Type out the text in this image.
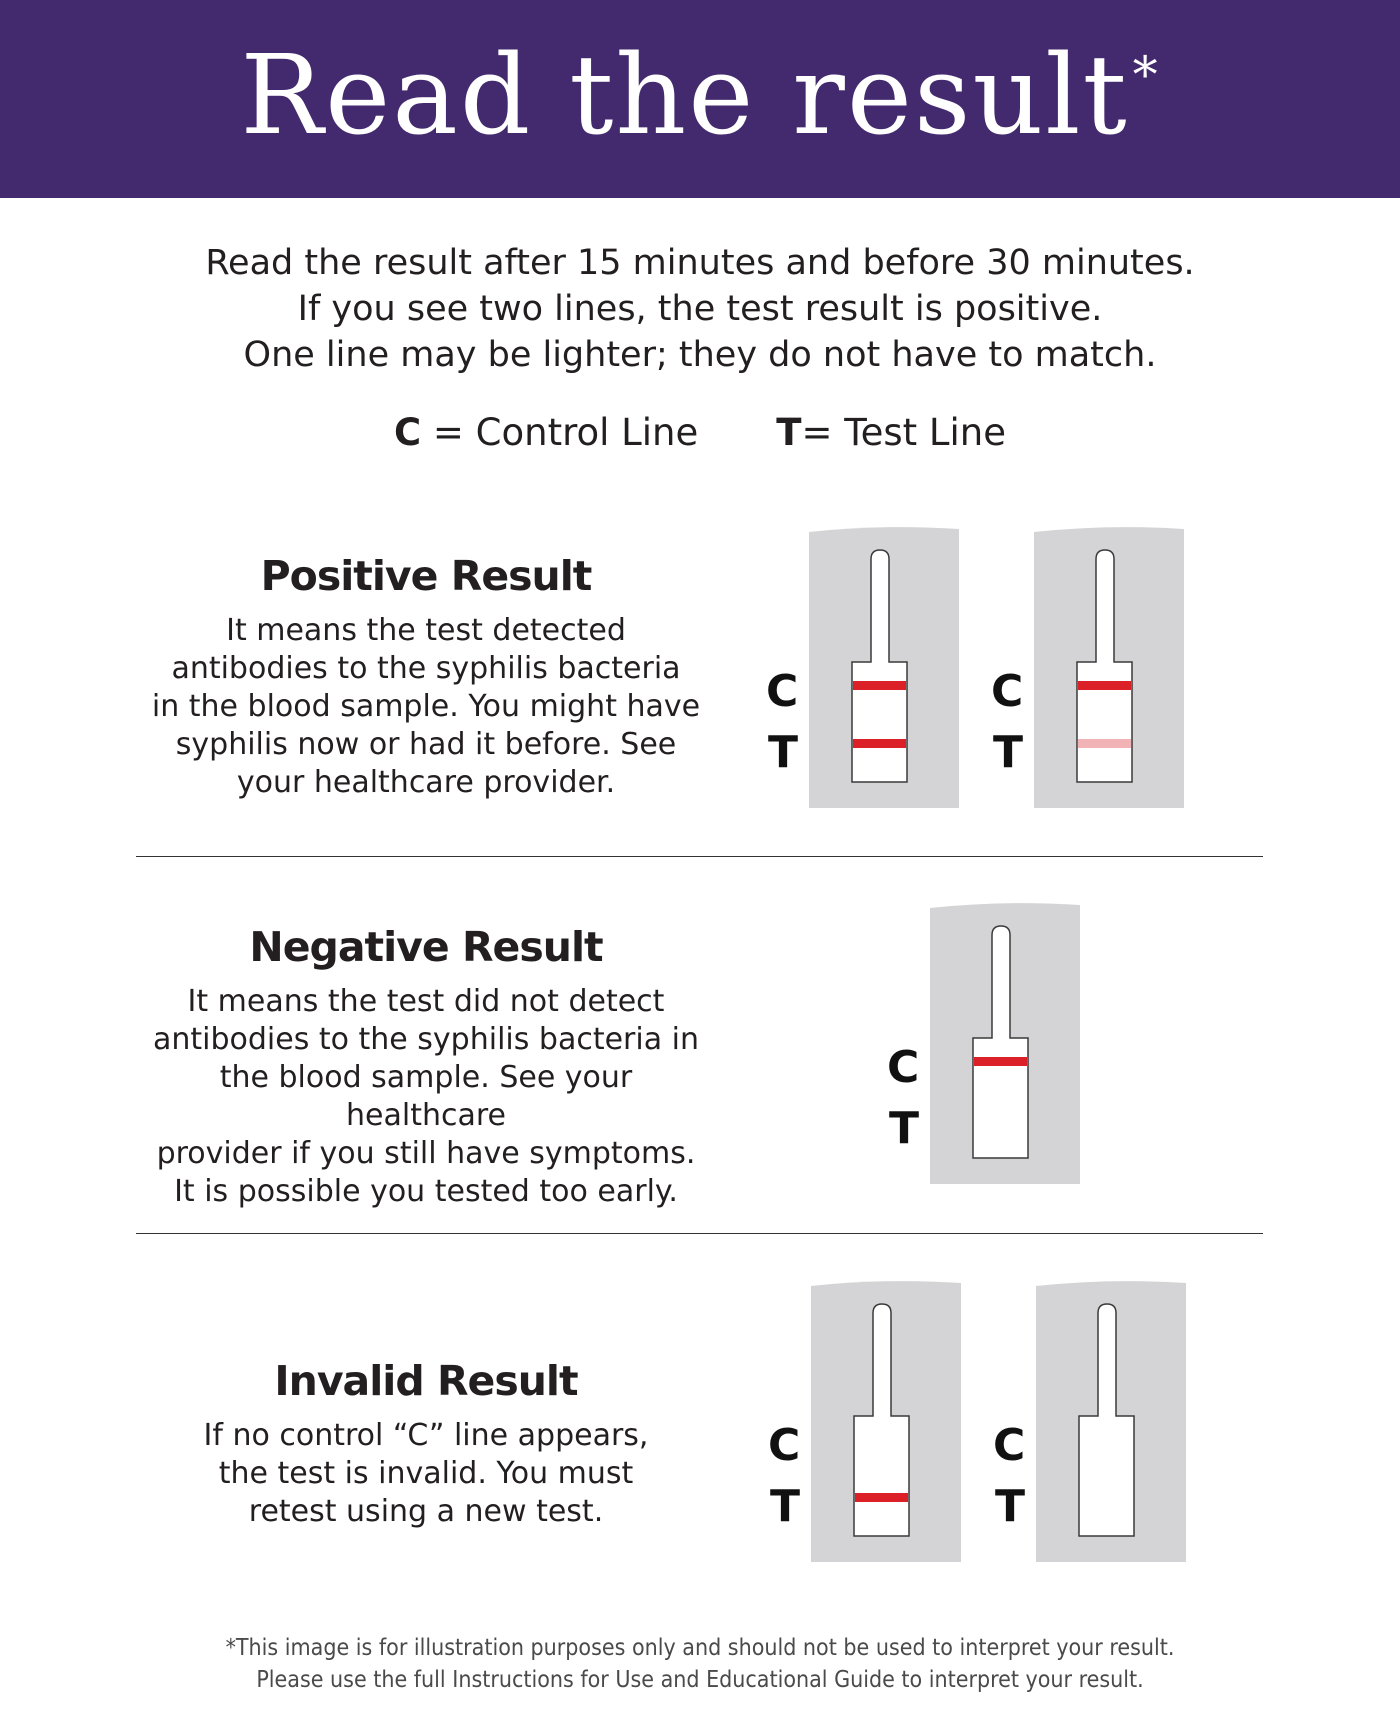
Read the result*
Read the result after 15 minutes and before 30 minutes.
If you see two lines, the test result is positive.
One line may be lighter; they do not have to match.
C = Control Line T= Test Line
Positive Result
It means the test detected
antibodies to the syphilis bacteria
in the blood sample. You might have
syphilis now or had it before. See
your healthcare provider.
C
T
C
T
Negative Result
It means the test did not detect
antibodies to the syphilis bacteria in
the blood sample. See your healthcare
provider if you still have symptoms.
It is possible you tested too early.
C
T
Invalid Result
If no control “C” line appears,
the test is invalid. You must
retest using a new test.
C
T
C
T
*This image is for illustration purposes only and should not be used to interpret your result.
Please use the full Instructions for Use and Educational Guide to interpret your result.
